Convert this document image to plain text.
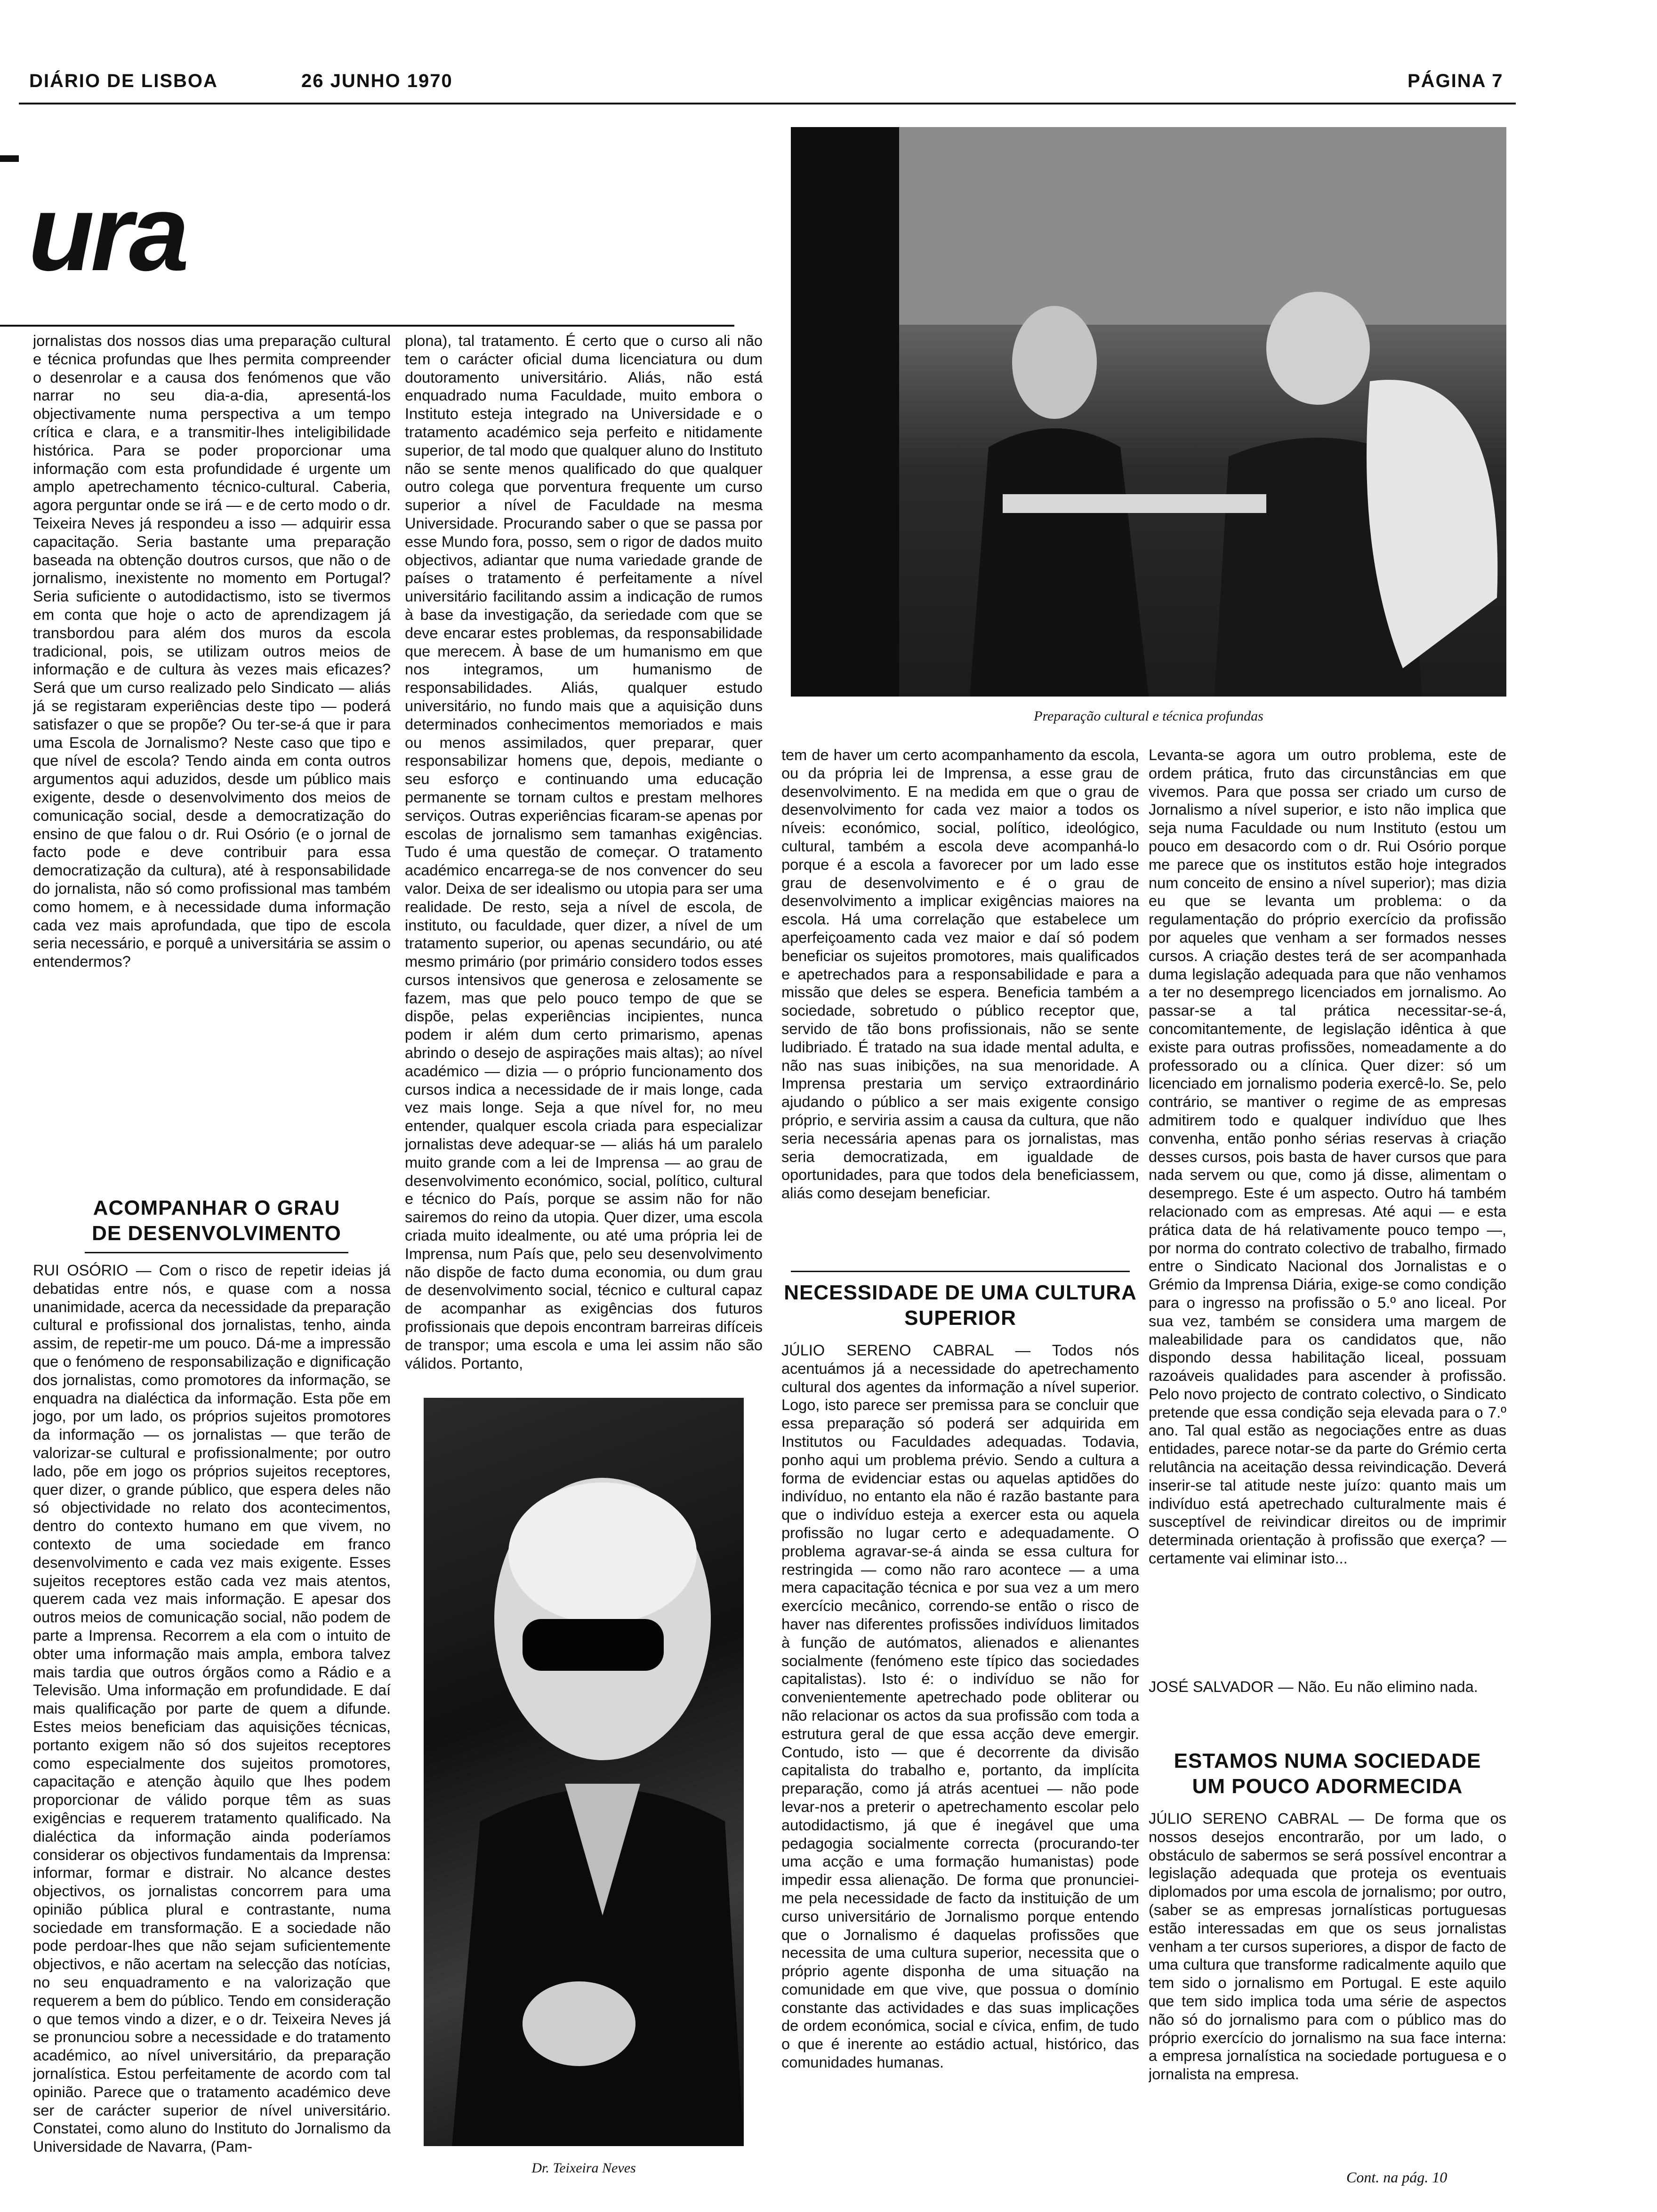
DIÁRIO DE LISBOA	26 JUNHO 1970	PÁGINA 7
ura
jornalistas dos nossos dias uma preparação cultural e técnica profundas que lhes permita compreender o desenrolar e a causa dos fenómenos que vão narrar no seu dia-a-dia, apresentá-los objectivamente numa perspectiva a um tempo crítica e clara, e a transmitir-lhes inteligibilidade histórica. Para se poder proporcionar uma informação com esta profundidade é urgente um amplo apetrechamento técnico-cultural. Caberia, agora perguntar onde se irá — e de certo modo o dr. Teixeira Neves já respondeu a isso — adquirir essa capacitação. Seria bastante uma preparação baseada na obtenção doutros cursos, que não o de jornalismo, inexistente no momento em Portugal? Seria suficiente o autodidactismo, isto se tivermos em conta que hoje o acto de aprendizagem já transbordou para além dos muros da escola tradicional, pois, se utilizam outros meios de informação e de cultura às vezes mais eficazes? Será que um curso realizado pelo Sindicato — aliás já se registaram experiências deste tipo — poderá satisfazer o que se propõe? Ou ter-se-á que ir para uma Escola de Jornalismo? Neste caso que tipo e que nível de escola? Tendo ainda em conta outros argumentos aqui aduzidos, desde um público mais exigente, desde o desenvolvimento dos meios de comunicação social, desde a democratização do ensino de que falou o dr. Rui Osório (e o jornal de facto pode e deve contribuir para essa democratização da cultura), até à responsabilidade do jornalista, não só como profissional mas também como homem, e à necessidade duma informação cada vez mais aprofundada, que tipo de escola seria necessário, e porquê a universitária se assim o entendermos?
ACOMPANHAR O GRAU DE DESENVOLVIMENTO
RUI OSÓRIO — Com o risco de repetir ideias já debatidas entre nós, e quase com a nossa unanimidade, acerca da necessidade da preparação cultural e profissional dos jornalistas, tenho, ainda assim, de repetir-me um pouco. Dá-me a impressão que o fenómeno de responsabilização e dignificação dos jornalistas, como promotores da informação, se enquadra na dialéctica da informação. Esta põe em jogo, por um lado, os próprios sujeitos promotores da informação — os jornalistas — que terão de valorizar-se cultural e profissionalmente; por outro lado, põe em jogo os próprios sujeitos receptores, quer dizer, o grande público, que espera deles não só objectividade no relato dos acontecimentos, dentro do contexto humano em que vivem, no contexto de uma sociedade em franco desenvolvimento e cada vez mais exigente. Esses sujeitos receptores estão cada vez mais atentos, querem cada vez mais informação. E apesar dos outros meios de comunicação social, não podem de parte a Imprensa. Recorrem a ela com o intuito de obter uma informação mais ampla, embora talvez mais tardia que outros órgãos como a Rádio e a Televisão. Uma informação em profundidade. E daí mais qualificação por parte de quem a difunde. Estes meios beneficiam das aquisições técnicas, portanto exigem não só dos sujeitos receptores como especialmente dos sujeitos promotores, capacitação e atenção àquilo que lhes podem proporcionar de válido porque têm as suas exigências e requerem tratamento qualificado. Na dialéctica da informação ainda poderíamos considerar os objectivos fundamentais da Imprensa: informar, formar e distrair. No alcance destes objectivos, os jornalistas concorrem para uma opinião pública plural e contrastante, numa sociedade em transformação. E a sociedade não pode perdoar-lhes que não sejam suficientemente objectivos, e não acertam na selecção das notícias, no seu enquadramento e na valorização que requerem a bem do público. Tendo em consideração o que temos vindo a dizer, e o dr. Teixeira Neves já se pronunciou sobre a necessidade e do tratamento académico, ao nível universitário, da preparação jornalística. Estou perfeitamente de acordo com tal opinião. Parece que o tratamento académico deve ser de carácter superior de nível universitário. Constatei, como aluno do Instituto do Jornalismo da Universidade de Navarra, (Pam-
plona), tal tratamento. É certo que o curso ali não tem o carácter oficial duma licenciatura ou dum doutoramento universitário. Aliás, não está enquadrado numa Faculdade, muito embora o Instituto esteja integrado na Universidade e o tratamento académico seja perfeito e nitidamente superior, de tal modo que qualquer aluno do Instituto não se sente menos qualificado do que qualquer outro colega que porventura frequente um curso superior a nível de Faculdade na mesma Universidade. Procurando saber o que se passa por esse Mundo fora, posso, sem o rigor de dados muito objectivos, adiantar que numa variedade grande de países o tratamento é perfeitamente a nível universitário facilitando assim a indicação de rumos à base da investigação, da seriedade com que se deve encarar estes problemas, da responsabilidade que merecem. À base de um humanismo em que nos integramos, um humanismo de responsabilidades. Aliás, qualquer estudo universitário, no fundo mais que a aquisição duns determinados conhecimentos memoriados e mais ou menos assimilados, quer preparar, quer responsabilizar homens que, depois, mediante o seu esforço e continuando uma educação permanente se tornam cultos e prestam melhores serviços. Outras experiências ficaram-se apenas por escolas de jornalismo sem tamanhas exigências. Tudo é uma questão de começar. O tratamento académico encarrega-se de nos convencer do seu valor. Deixa de ser idealismo ou utopia para ser uma realidade. De resto, seja a nível de escola, de instituto, ou faculdade, quer dizer, a nível de um tratamento superior, ou apenas secundário, ou até mesmo primário (por primário considero todos esses cursos intensivos que generosa e zelosamente se fazem, mas que pelo pouco tempo de que se dispõe, pelas experiências incipientes, nunca podem ir além dum certo primarismo, apenas abrindo o desejo de aspirações mais altas); ao nível académico — dizia — o próprio funcionamento dos cursos indica a necessidade de ir mais longe, cada vez mais longe. Seja a que nível for, no meu entender, qualquer escola criada para especializar jornalistas deve adequar-se — aliás há um paralelo muito grande com a lei de Imprensa — ao grau de desenvolvimento económico, social, político, cultural e técnico do País, porque se assim não for não sairemos do reino da utopia. Quer dizer, uma escola criada muito idealmente, ou até uma própria lei de Imprensa, num País que, pelo seu desenvolvimento não dispõe de facto duma economia, ou dum grau de desenvolvimento social, técnico e cultural capaz de acompanhar as exigências dos futuros profissionais que depois encontram barreiras difíceis de transpor; uma escola e uma lei assim não são válidos. Portanto,
Dr. Teixeira Neves
Preparação cultural e técnica profundas
tem de haver um certo acompanhamento da escola, ou da própria lei de Imprensa, a esse grau de desenvolvimento. E na medida em que o grau de desenvolvimento for cada vez maior a todos os níveis: económico, social, político, ideológico, cultural, também a escola deve acompanhá-lo porque é a escola a favorecer por um lado esse grau de desenvolvimento e é o grau de desenvolvimento a implicar exigências maiores na escola. Há uma correlação que estabelece um aperfeiçoamento cada vez maior e daí só podem beneficiar os sujeitos promotores, mais qualificados e apetrechados para a responsabilidade e para a missão que deles se espera. Beneficia também a sociedade, sobretudo o público receptor que, servido de tão bons profissionais, não se sente ludibriado. É tratado na sua idade mental adulta, e não nas suas inibições, na sua menoridade. A Imprensa prestaria um serviço extraordinário ajudando o público a ser mais exigente consigo próprio, e serviria assim a causa da cultura, que não seria necessária apenas para os jornalistas, mas seria democratizada, em igualdade de oportunidades, para que todos dela beneficiassem, aliás como desejam beneficiar.
NECESSIDADE DE UMA CULTURA SUPERIOR
JÚLIO SERENO CABRAL — Todos nós acentuámos já a necessidade do apetrechamento cultural dos agentes da informação a nível superior. Logo, isto parece ser premissa para se concluir que essa preparação só poderá ser adquirida em Institutos ou Faculdades adequadas. Todavia, ponho aqui um problema prévio. Sendo a cultura a forma de evidenciar estas ou aquelas aptidões do indivíduo, no entanto ela não é razão bastante para que o indivíduo esteja a exercer esta ou aquela profissão no lugar certo e adequadamente. O problema agravar-se-á ainda se essa cultura for restringida — como não raro acontece — a uma mera capacitação técnica e por sua vez a um mero exercício mecânico, correndo-se então o risco de haver nas diferentes profissões indivíduos limitados à função de autómatos, alienados e alienantes socialmente (fenómeno este típico das sociedades capitalistas). Isto é: o indivíduo se não for convenientemente apetrechado pode obliterar ou não relacionar os actos da sua profissão com toda a estrutura geral de que essa acção deve emergir. Contudo, isto — que é decorrente da divisão capitalista do trabalho e, portanto, da implícita preparação, como já atrás acentuei — não pode levar-nos a preterir o apetrechamento escolar pelo autodidactismo, já que é inegável que uma pedagogia socialmente correcta (procurando-ter uma acção e uma formação humanistas) pode impedir essa alienação. De forma que pronunciei-me pela necessidade de facto da instituição de um curso universitário de Jornalismo porque entendo que o Jornalismo é daquelas profissões que necessita de uma cultura superior, necessita que o próprio agente disponha de uma situação na comunidade em que vive, que possua o domínio constante das actividades e das suas implicações de ordem económica, social e cívica, enfim, de tudo o que é inerente ao estádio actual, histórico, das comunidades humanas.
Levanta-se agora um outro problema, este de ordem prática, fruto das circunstâncias em que vivemos. Para que possa ser criado um curso de Jornalismo a nível superior, e isto não implica que seja numa Faculdade ou num Instituto (estou um pouco em desacordo com o dr. Rui Osório porque me parece que os institutos estão hoje integrados num conceito de ensino a nível superior); mas dizia eu que se levanta um problema: o da regulamentação do próprio exercício da profissão por aqueles que venham a ser formados nesses cursos. A criação destes terá de ser acompanhada duma legislação adequada para que não venhamos a ter no desemprego licenciados em jornalismo. Ao passar-se a tal prática necessitar-se-á, concomitantemente, de legislação idêntica à que existe para outras profissões, nomeadamente a do professorado ou a clínica. Quer dizer: só um licenciado em jornalismo poderia exercê-lo. Se, pelo contrário, se mantiver o regime de as empresas admitirem todo e qualquer indivíduo que lhes convenha, então ponho sérias reservas à criação desses cursos, pois basta de haver cursos que para nada servem ou que, como já disse, alimentam o desemprego. Este é um aspecto. Outro há também relacionado com as empresas. Até aqui — e esta prática data de há relativamente pouco tempo —, por norma do contrato colectivo de trabalho, firmado entre o Sindicato Nacional dos Jornalistas e o Grémio da Imprensa Diária, exige-se como condição para o ingresso na profissão o 5.º ano liceal. Por sua vez, também se considera uma margem de maleabilidade para os candidatos que, não dispondo dessa habilitação liceal, possuam razoáveis qualidades para ascender à profissão. Pelo novo projecto de contrato colectivo, o Sindicato pretende que essa condição seja elevada para o 7.º ano. Tal qual estão as negociações entre as duas entidades, parece notar-se da parte do Grémio certa relutância na aceitação dessa reivindicação. Deverá inserir-se tal atitude neste juízo: quanto mais um indivíduo está apetrechado culturalmente mais é susceptível de reivindicar direitos ou de imprimir determinada orientação à profissão que exerça? — certamente vai eliminar isto...
JOSÉ SALVADOR — Não. Eu não elimino nada.
ESTAMOS NUMA SOCIEDADE UM POUCO ADORMECIDA
JÚLIO SERENO CABRAL — De forma que os nossos desejos encontrarão, por um lado, o obstáculo de sabermos se será possível encontrar a legislação adequada que proteja os eventuais diplomados por uma escola de jornalismo; por outro, (saber se as empresas jornalísticas portuguesas estão interessadas em que os seus jornalistas venham a ter cursos superiores, a dispor de facto de uma cultura que transforme radicalmente aquilo que tem sido o jornalismo em Portugal. E este aquilo que tem sido implica toda uma série de aspectos não só do jornalismo para com o público mas do próprio exercício do jornalismo na sua face interna: a empresa jornalística na sociedade portuguesa e o jornalista na empresa.
Cont. na pág. 10
